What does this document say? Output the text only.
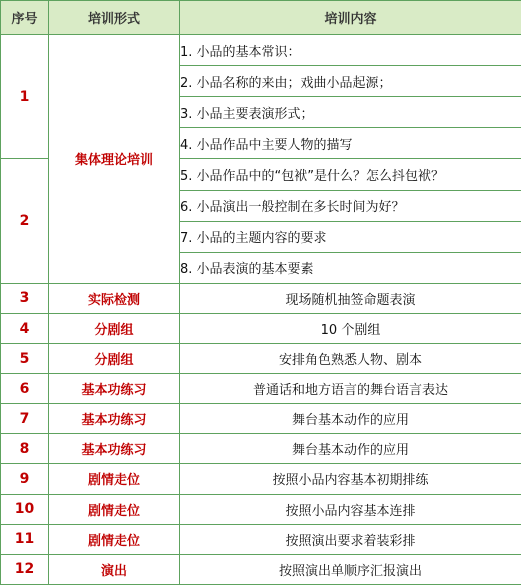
序号	培训形式	培训内容
1	集体理论培训	1. 小品的基本常识：
		2. 小品名称的来由；戏曲小品起源；
		3. 小品主要表演形式；
		4. 小品作品中主要人物的描写
2		5. 小品作品中的“包袱”是什么？怎么抖包袱？
		6. 小品演出一般控制在多长时间为好？
		7. 小品的主题内容的要求
		8. 小品表演的基本要素
3	实际检测	现场随机抽签命题表演
4	分剧组	10 个剧组
5	分剧组	安排角色熟悉人物、剧本
6	基本功练习	普通话和地方语言的舞台语言表达
7	基本功练习	舞台基本动作的应用
8	基本功练习	舞台基本动作的应用
9	剧情走位	按照小品内容基本初期排练
10	剧情走位	按照小品内容基本连排
11	剧情走位	按照演出要求着装彩排
12	演出	按照演出单顺序汇报演出
